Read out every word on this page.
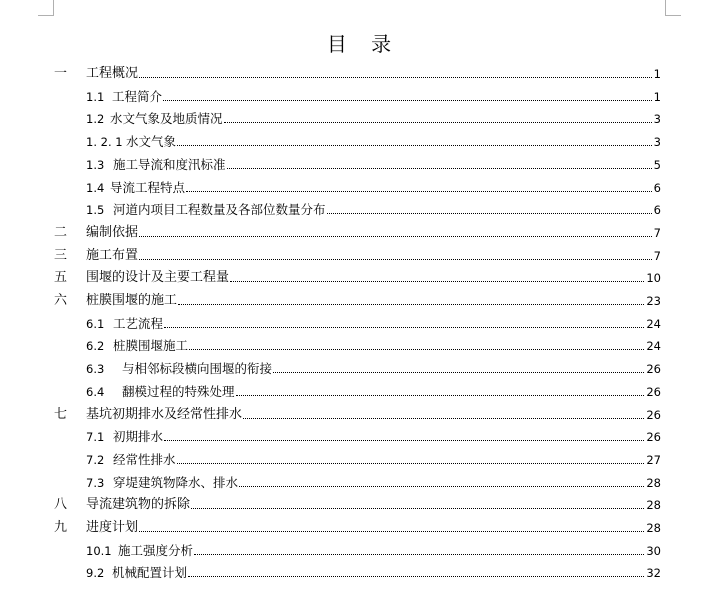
目 录
一 工程概况	1
1.1 工程简介	1
1.2 水文气象及地质情况	3
1. 2. 1 水文气象	3
1.3 施工导流和度汛标准	5
1.4 导流工程特点	6
1.5 河道内项目工程数量及各部位数量分布	6
二 编制依据	7
三 施工布置	7
五 围堰的设计及主要工程量	10
六 桩膜围堰的施工	23
6.1 工艺流程	24
6.2 桩膜围堰施工	24
6.3 与相邻标段横向围堰的衔接	26
6.4 翻模过程的特殊处理	26
七 基坑初期排水及经常性排水	26
7.1 初期排水	26
7.2 经常性排水	27
7.3 穿堤建筑物降水、排水	28
八 导流建筑物的拆除	28
九 进度计划	28
10.1 施工强度分析	30
9.2 机械配置计划	32
